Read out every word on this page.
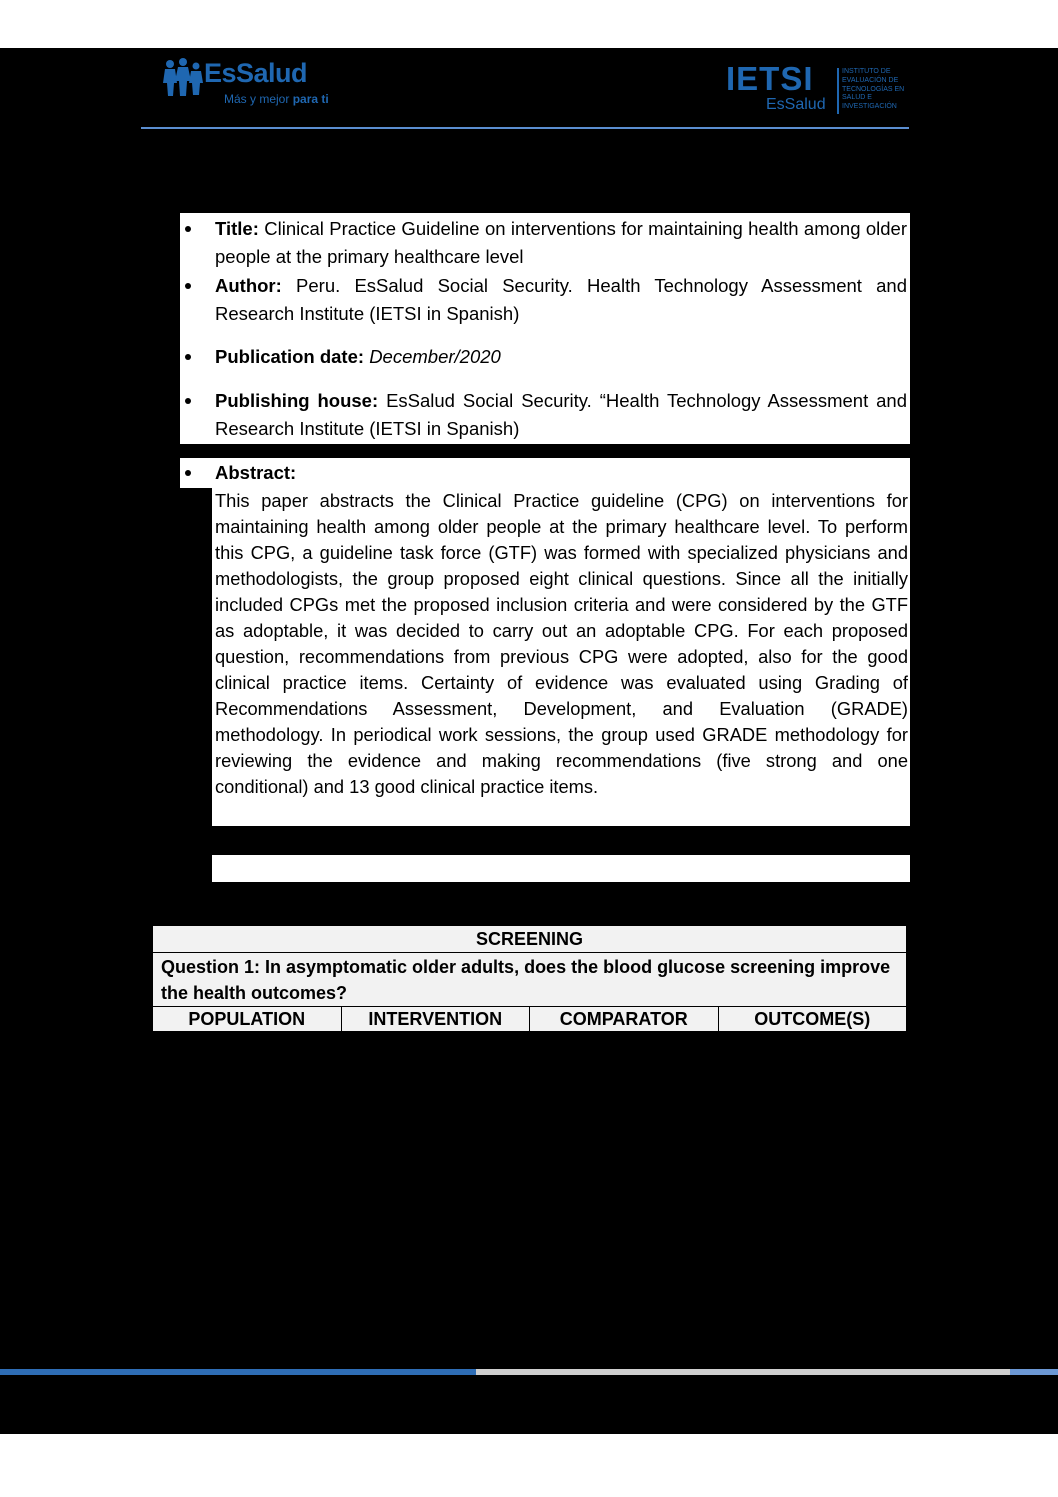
EsSalud
Más y mejor para ti
IETSI
EsSalud
INSTITUTO DE EVALUACIÓN DE TECNOLOGÍAS EN SALUD E INVESTIGACIÓN
Title: Clinical Practice Guideline on interventions for maintaining health among older people at the primary healthcare level
Author: Peru. EsSalud Social Security. Health Technology Assessment and Research Institute (IETSI in Spanish)
Publication date: December/2020
Publishing house: EsSalud Social Security. “Health Technology Assessment and Research Institute (IETSI in Spanish)
Abstract:
This paper abstracts the Clinical Practice guideline (CPG) on interventions for maintaining health among older people at the primary healthcare level. To perform this CPG, a guideline task force (GTF) was formed with specialized physicians and methodologists, the group proposed eight clinical questions. Since all the initially included CPGs met the proposed inclusion criteria and were considered by the GTF as adoptable, it was decided to carry out an adoptable CPG. For each proposed question, recommendations from previous CPG were adopted, also for the good clinical practice items. Certainty of evidence was evaluated using Grading of Recommendations Assessment, Development, and Evaluation (GRADE) methodology. In periodical work sessions, the group used GRADE methodology for reviewing the evidence and making recommendations (five strong and one conditional) and 13 good clinical practice items.
SCREENING
Question 1: In asymptomatic older adults, does the blood glucose screening improve the health outcomes?
POPULATION	INTERVENTION	COMPARATOR	OUTCOME(S)
